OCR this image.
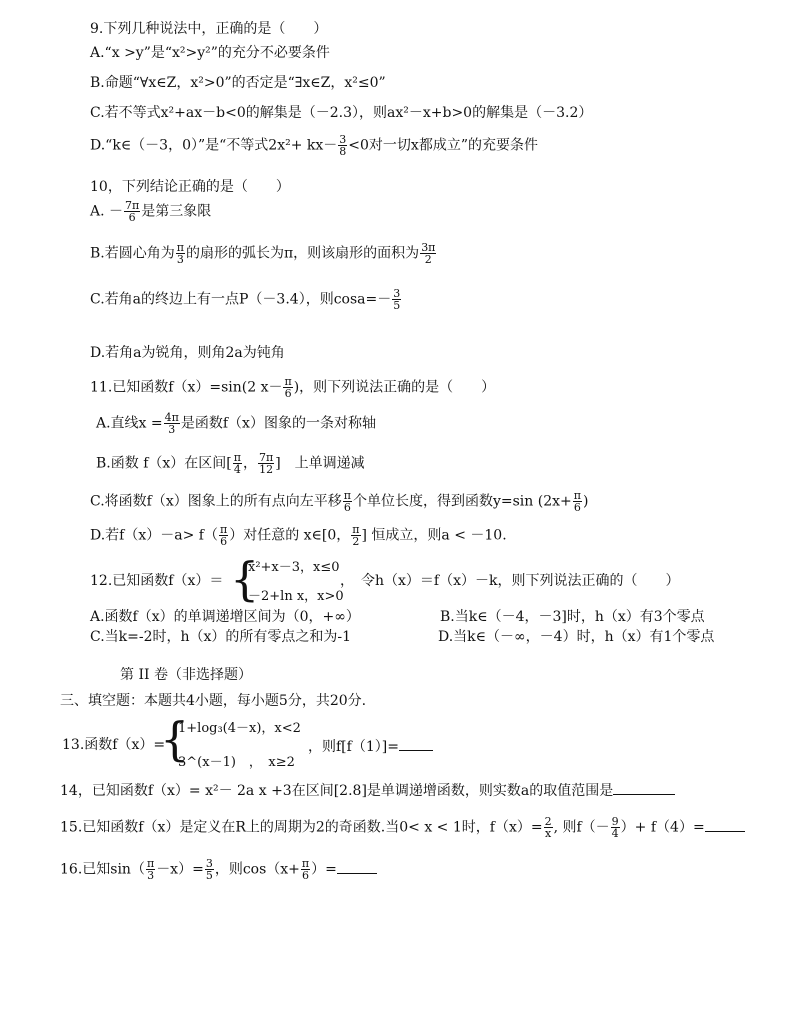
9.下列几种说法中，正确的是（　　）
A.“x >y”是“x²>y²”的充分不必要条件
B.命题“∀x∈Z，x²>0”的否定是“∃x∈Z，x²≤0”
C.若不等式x²+ax－b<0的解集是（－2.3），则ax²－x+b>0的解集是（－3.2）
D.“k∈（－3，0）”是“不等式$2x^2+ kx- \frac{3}{8} <0$对一切x都成立”的充要条件
10，下列结论正确的是（　　）
A. － $\frac{7\pi}{6}$ 是第三象限
B.若圆心角为 $\frac{\pi}{3}$ 的扇形的弧长为π，则该扇形的面积为 $\frac{3\pi}{2}$
C.若角a的终边上有一点P（－3.4），则$\cos a=- \frac{3}{5}$
D.若角a为锐角，则角2a为钝角
11.已知函数f（x）=sin(2 $x- \frac{\pi}{6}$ )，则下列说法正确的是（　　）
A.直线$x = \frac{4\pi}{3}$ 是函数f（x）图象的一条对称轴
B.函数 f（x）在区间[ $\frac{\pi}{4}$ ， $\frac{7\pi}{12}$ ]　上单调递减
C.将函数f（x）图象上的所有点向左平移 $\frac{\pi}{6}$ 个单位长度，得到函数y=sin ($2x+ \frac{\pi}{6}$ )
D.若$f(x)-a> f( \frac{\pi}{6}$ ）对任意的 x∈[0， $\frac{\pi}{2}$ ] 恒成立，则a < －10.
12.已知函数f（x）＝ {
x²+x－3，x≤0
－2+ln x，x>0
，　令h（x）＝f（x）－k，则下列说法正确的（　　）
A.函数f（x）的单调递增区间为（0，+∞）	B.当k∈（－4，－3]时，h（x）有3个零点
C.当k=-2时，h（x）的所有零点之和为-1	D.当k∈（－∞，－4）时，h（x）有1个零点
第 II 卷（非选择题）
三、填空题：本题共4小题，每小题5分，共20分.
13.函数f（x）=
{
1+log₃(4－x)，x<2
3^(x－1)　，　x≥2
，则f[f（1）]=
14，已知函数f（x）= x²－ 2a x +3在区间[2.8]是单调递增函数，则实数a的取值范围是
15.已知函数f（x）是定义在R上的周期为2的奇函数.当0< x < 1时，$f(x)= \frac{2}{x}$ , 则$f(- \frac{9}{4}$ ）+ f（4）=
16.已知$\sin( \frac{\pi}{3} -x)= \frac{3}{5}$ ，则$\cos(x+ \frac{\pi}{6}$ ）=
